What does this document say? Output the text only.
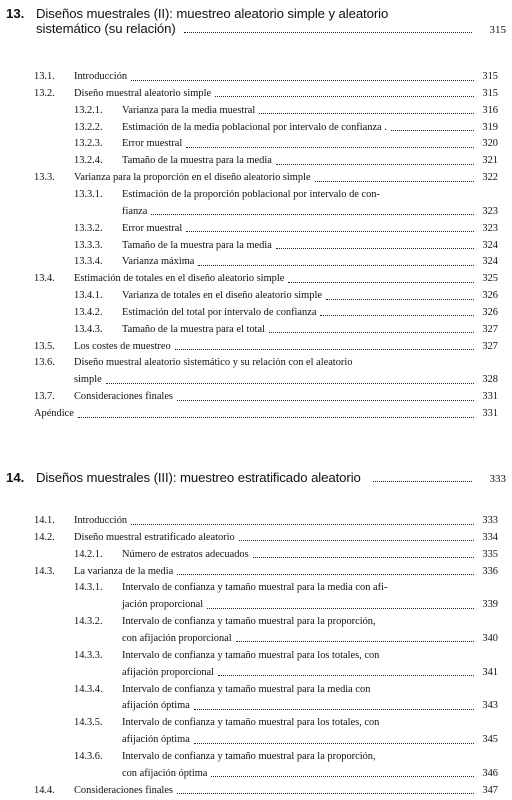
13. Diseños muestrales (II): muestreo aleatorio simple y aleatorio
sistemático (su relación)	315
13.1. Introducción	315
13.2. Diseño muestral aleatorio simple	315
13.2.1. Varianza para la media muestral	316
13.2.2. Estimación de la media poblacional por intervalo de confianza .	319
13.2.3. Error muestral	320
13.2.4. Tamaño de la muestra para la media	321
13.3. Varianza para la proporción en el diseño aleatorio simple	322
13.3.1. Estimación de la proporción poblacional por intervalo de con-
fianza	323
13.3.2. Error muestral	323
13.3.3. Tamaño de la muestra para la media	324
13.3.4. Varianza máxima	324
13.4. Estimación de totales en el diseño aleatorio simple	325
13.4.1. Varianza de totales en el diseño aleatorio simple	326
13.4.2. Estimación del total por intervalo de confianza	326
13.4.3. Tamaño de la muestra para el total	327
13.5. Los costes de muestreo	327
13.6. Diseño muestral aleatorio sistemático y su relación con el aleatorio
simple	328
13.7. Consideraciones finales	331
Apéndice	331
14. Diseños muestrales (III): muestreo estratificado aleatorio	333
14.1. Introducción	333
14.2. Diseño muestral estratificado aleatorio	334
14.2.1. Número de estratos adecuados	335
14.3. La varianza de la media	336
14.3.1. Intervalo de confianza y tamaño muestral para la media con afi-
jación proporcional	339
14.3.2. Intervalo de confianza y tamaño muestral para la proporción,
con afijación proporcional	340
14.3.3. Intervalo de confianza y tamaño muestral para los totales, con
afijación proporcional	341
14.3.4. Intervalo de confianza y tamaño muestral para la media con
afijación óptima	343
14.3.5. Intervalo de confianza y tamaño muestral para los totales, con
afijación óptima	345
14.3.6. Intervalo de confianza y tamaño muestral para la proporción,
con afijación óptima	346
14.4. Consideraciones finales	347
